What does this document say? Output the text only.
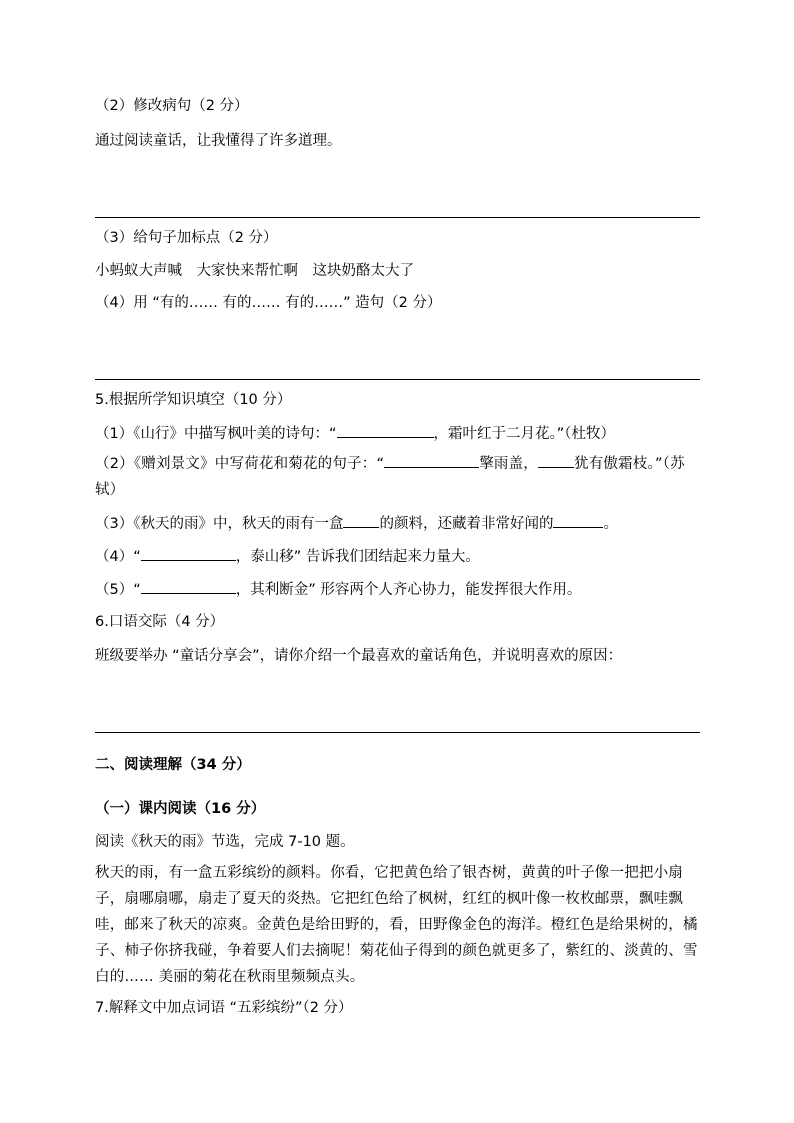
（2）修改病句（2 分）
通过阅读童话，让我懂得了许多道理。
（3）给句子加标点（2 分）
小蚂蚁大声喊　大家快来帮忙啊　这块奶酪太大了
（4）用 “有的…… 有的…… 有的……” 造句（2 分）
5.根据所学知识填空（10 分）
（1）《山行》中描写枫叶美的诗句：“	，霜叶红于二月花。”（杜牧）
（2）《赠刘景文》中写荷花和菊花的句子：“	擎雨盖， 犹有傲霜枝。”（苏轼）
（3）《秋天的雨》中，秋天的雨有一盒 的颜料，还藏着非常好闻的	。
（4）“	，泰山移” 告诉我们团结起来力量大。
（5）“	，其利断金” 形容两个人齐心协力，能发挥很大作用。
6.口语交际（4 分）
班级要举办 “童话分享会”，请你介绍一个最喜欢的童话角色，并说明喜欢的原因：
二、阅读理解（34 分）
（一）课内阅读（16 分）
阅读《秋天的雨》节选，完成 7-10 题。
秋天的雨，有一盒五彩缤纷的颜料。你看，它把黄色给了银杏树，黄黄的叶子像一把把小扇子，扇哪扇哪，扇走了夏天的炎热。它把红色给了枫树，红红的枫叶像一枚枚邮票，飘哇飘哇，邮来了秋天的凉爽。金黄色是给田野的，看，田野像金色的海洋。橙红色是给果树的，橘子、柿子你挤我碰，争着要人们去摘呢！菊花仙子得到的颜色就更多了，紫红的、淡黄的、雪白的…… 美丽的菊花在秋雨里频频点头。
7.解释文中加点词语 “五彩缤纷”（2 分）
